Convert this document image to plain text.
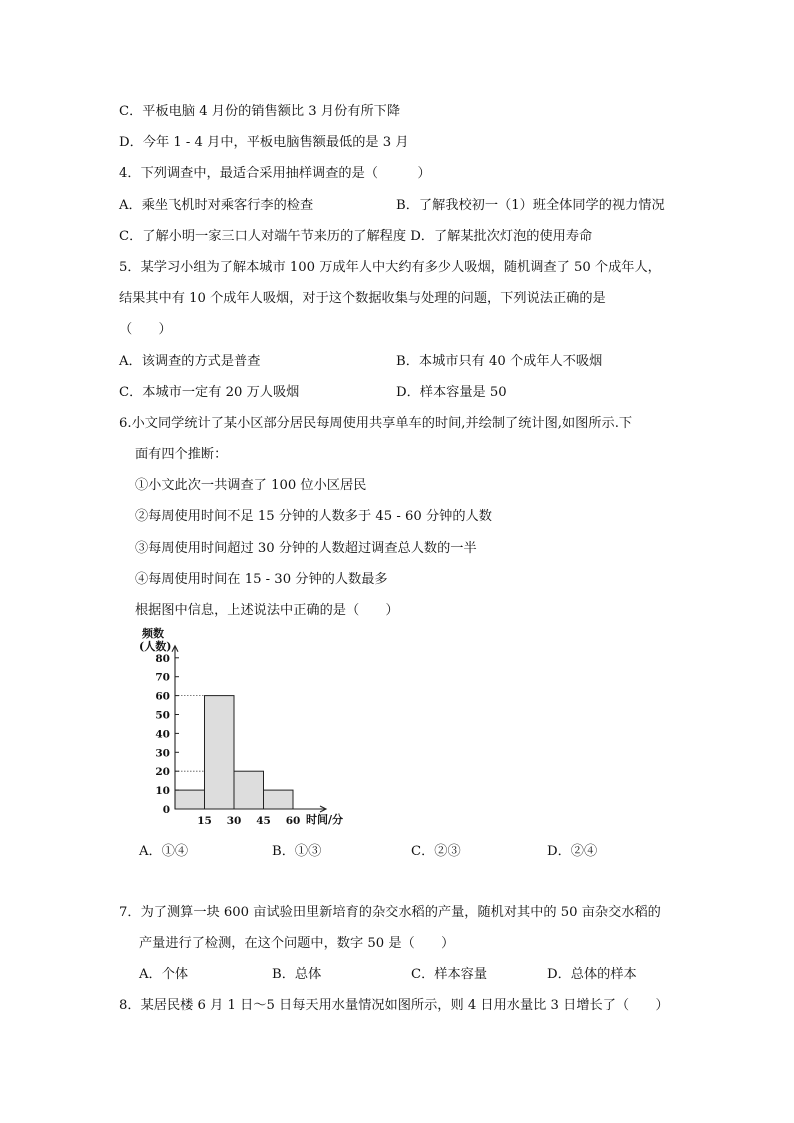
C．平板电脑 4 月份的销售额比 3 月份有所下降
D．今年 1 - 4 月中，平板电脑售额最低的是 3 月
4．下列调查中，最适合采用抽样调查的是（　　　）
A．乘坐飞机时对乘客行李的检查	B．了解我校初一（1）班全体同学的视力情况
C．了解小明一家三口人对端午节来历的了解程度 D．了解某批次灯泡的使用寿命
5．某学习小组为了解本城市 100 万成年人中大约有多少人吸烟，随机调查了 50 个成年人，
结果其中有 10 个成年人吸烟，对于这个数据收集与处理的问题，下列说法正确的是
（　　）
A．该调查的方式是普查	B．本城市只有 40 个成年人不吸烟
C．本城市一定有 20 万人吸烟	D．样本容量是 50
6.小文同学统计了某小区部分居民每周使用共享单车的时间,并绘制了统计图,如图所示.下
面有四个推断：
①小文此次一共调查了 100 位小区居民
②每周使用时间不足 15 分钟的人数多于 45 - 60 分钟的人数
③每周使用时间超过 30 分钟的人数超过调查总人数的一半
④每周使用时间在 15 - 30 分钟的人数最多
根据图中信息，上述说法中正确的是（　　）
频数
(人数)
时间/分
0
10
20
30
40
50
60
70
80
15 30 45 60
A．①④	B．①③	C．②③	D．②④
7．为了测算一块 600 亩试验田里新培育的杂交水稻的产量，随机对其中的 50 亩杂交水稻的
产量进行了检测，在这个问题中，数字 50 是（　　）
A．个体	B．总体	C．样本容量	D．总体的样本
8．某居民楼 6 月 1 日～5 日每天用水量情况如图所示，则 4 日用水量比 3 日增长了（　　）
